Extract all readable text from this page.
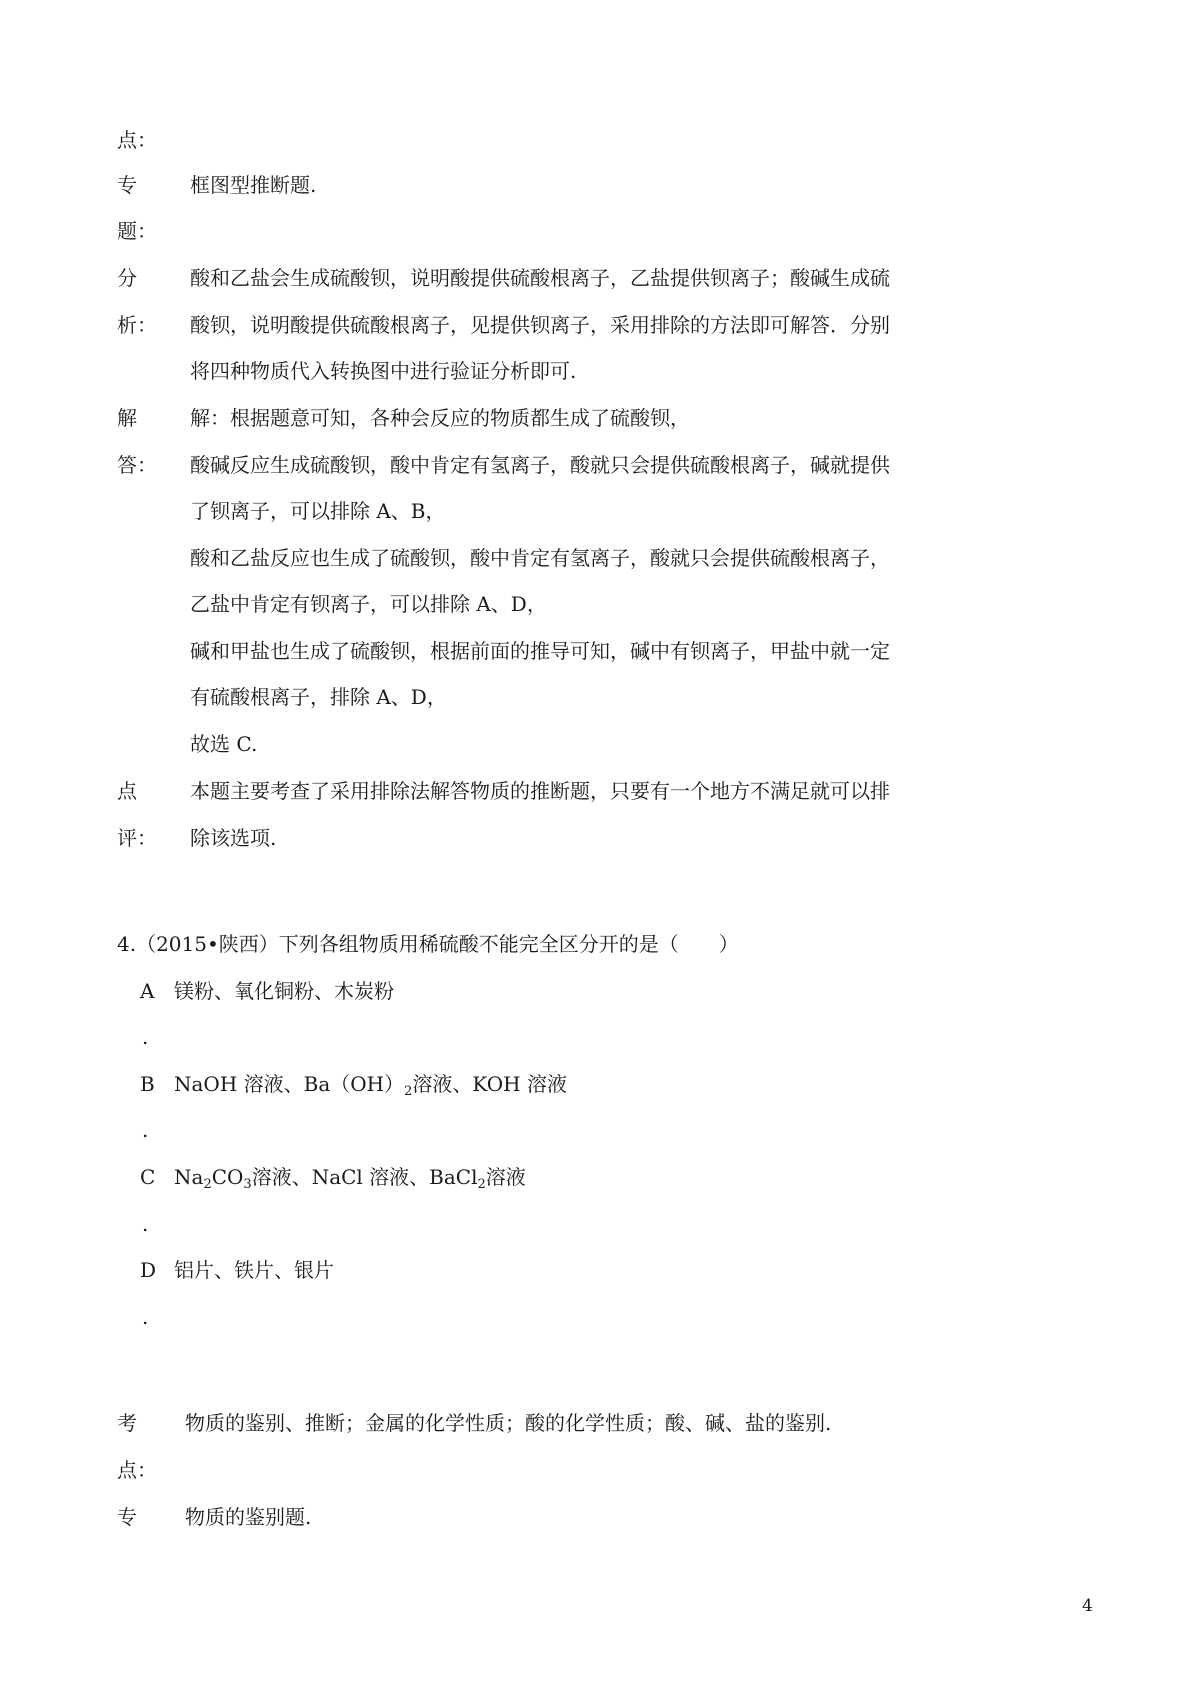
点：
专	框图型推断题.
题：
分	酸和乙盐会生成硫酸钡，说明酸提供硫酸根离子，乙盐提供钡离子；酸碱生成硫
析： 酸钡，说明酸提供硫酸根离子，见提供钡离子，采用排除的方法即可解答．分别
将四种物质代入转换图中进行验证分析即可.
解	解：根据题意可知，各种会反应的物质都生成了硫酸钡，
答： 酸碱反应生成硫酸钡，酸中肯定有氢离子，酸就只会提供硫酸根离子，碱就提供
了钡离子，可以排除 A、B，
酸和乙盐反应也生成了硫酸钡，酸中肯定有氢离子，酸就只会提供硫酸根离子，
乙盐中肯定有钡离子，可以排除 A、D，
碱和甲盐也生成了硫酸钡，根据前面的推导可知，碱中有钡离子，甲盐中就一定
有硫酸根离子，排除 A、D，
故选 C.
点	本题主要考查了采用排除法解答物质的推断题，只要有一个地方不满足就可以排
评： 除该选项.
4.（2015•陕西）下列各组物质用稀硫酸不能完全区分开的是（　　）
A 镁粉、氧化铜粉、木炭粉
.
B NaOH 溶液、$Ba(OH)_2$溶液、KOH 溶液
.
C $Na_2CO_3$溶液、NaCl 溶液、BaCl$_2$溶液
.
D 铝片、铁片、银片
.
考 物质的鉴别、推断；金属的化学性质；酸的化学性质；酸、碱、盐的鉴别.
点：
专 物质的鉴别题.
4
